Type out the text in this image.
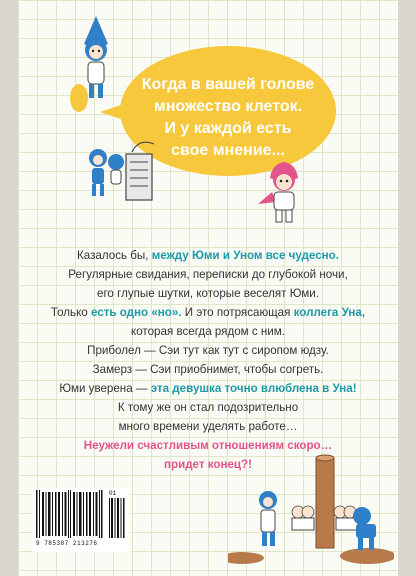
Когда в вашей голове
множество клеток.
И у каждой есть
свое мнение...
Казалось бы, между Юми и Уном все чудесно.
Регулярные свидания, переписки до глубокой ночи,
его глупые шутки, которые веселят Юми.
Только есть одно «но». И это потрясающая коллега Уна,
которая всегда рядом с ним.
Приболел — Сэи тут как тут с сиропом юдзу.
Замерз — Сэи приобнимет, чтобы согреть.
Юми уверена — эта девушка точно влюблена в Уна!
К тому же он стал подозрительно
много времени уделять работе…
Неужели счастливым отношениям скоро…
придет конец?!
01
9 785387 213276
